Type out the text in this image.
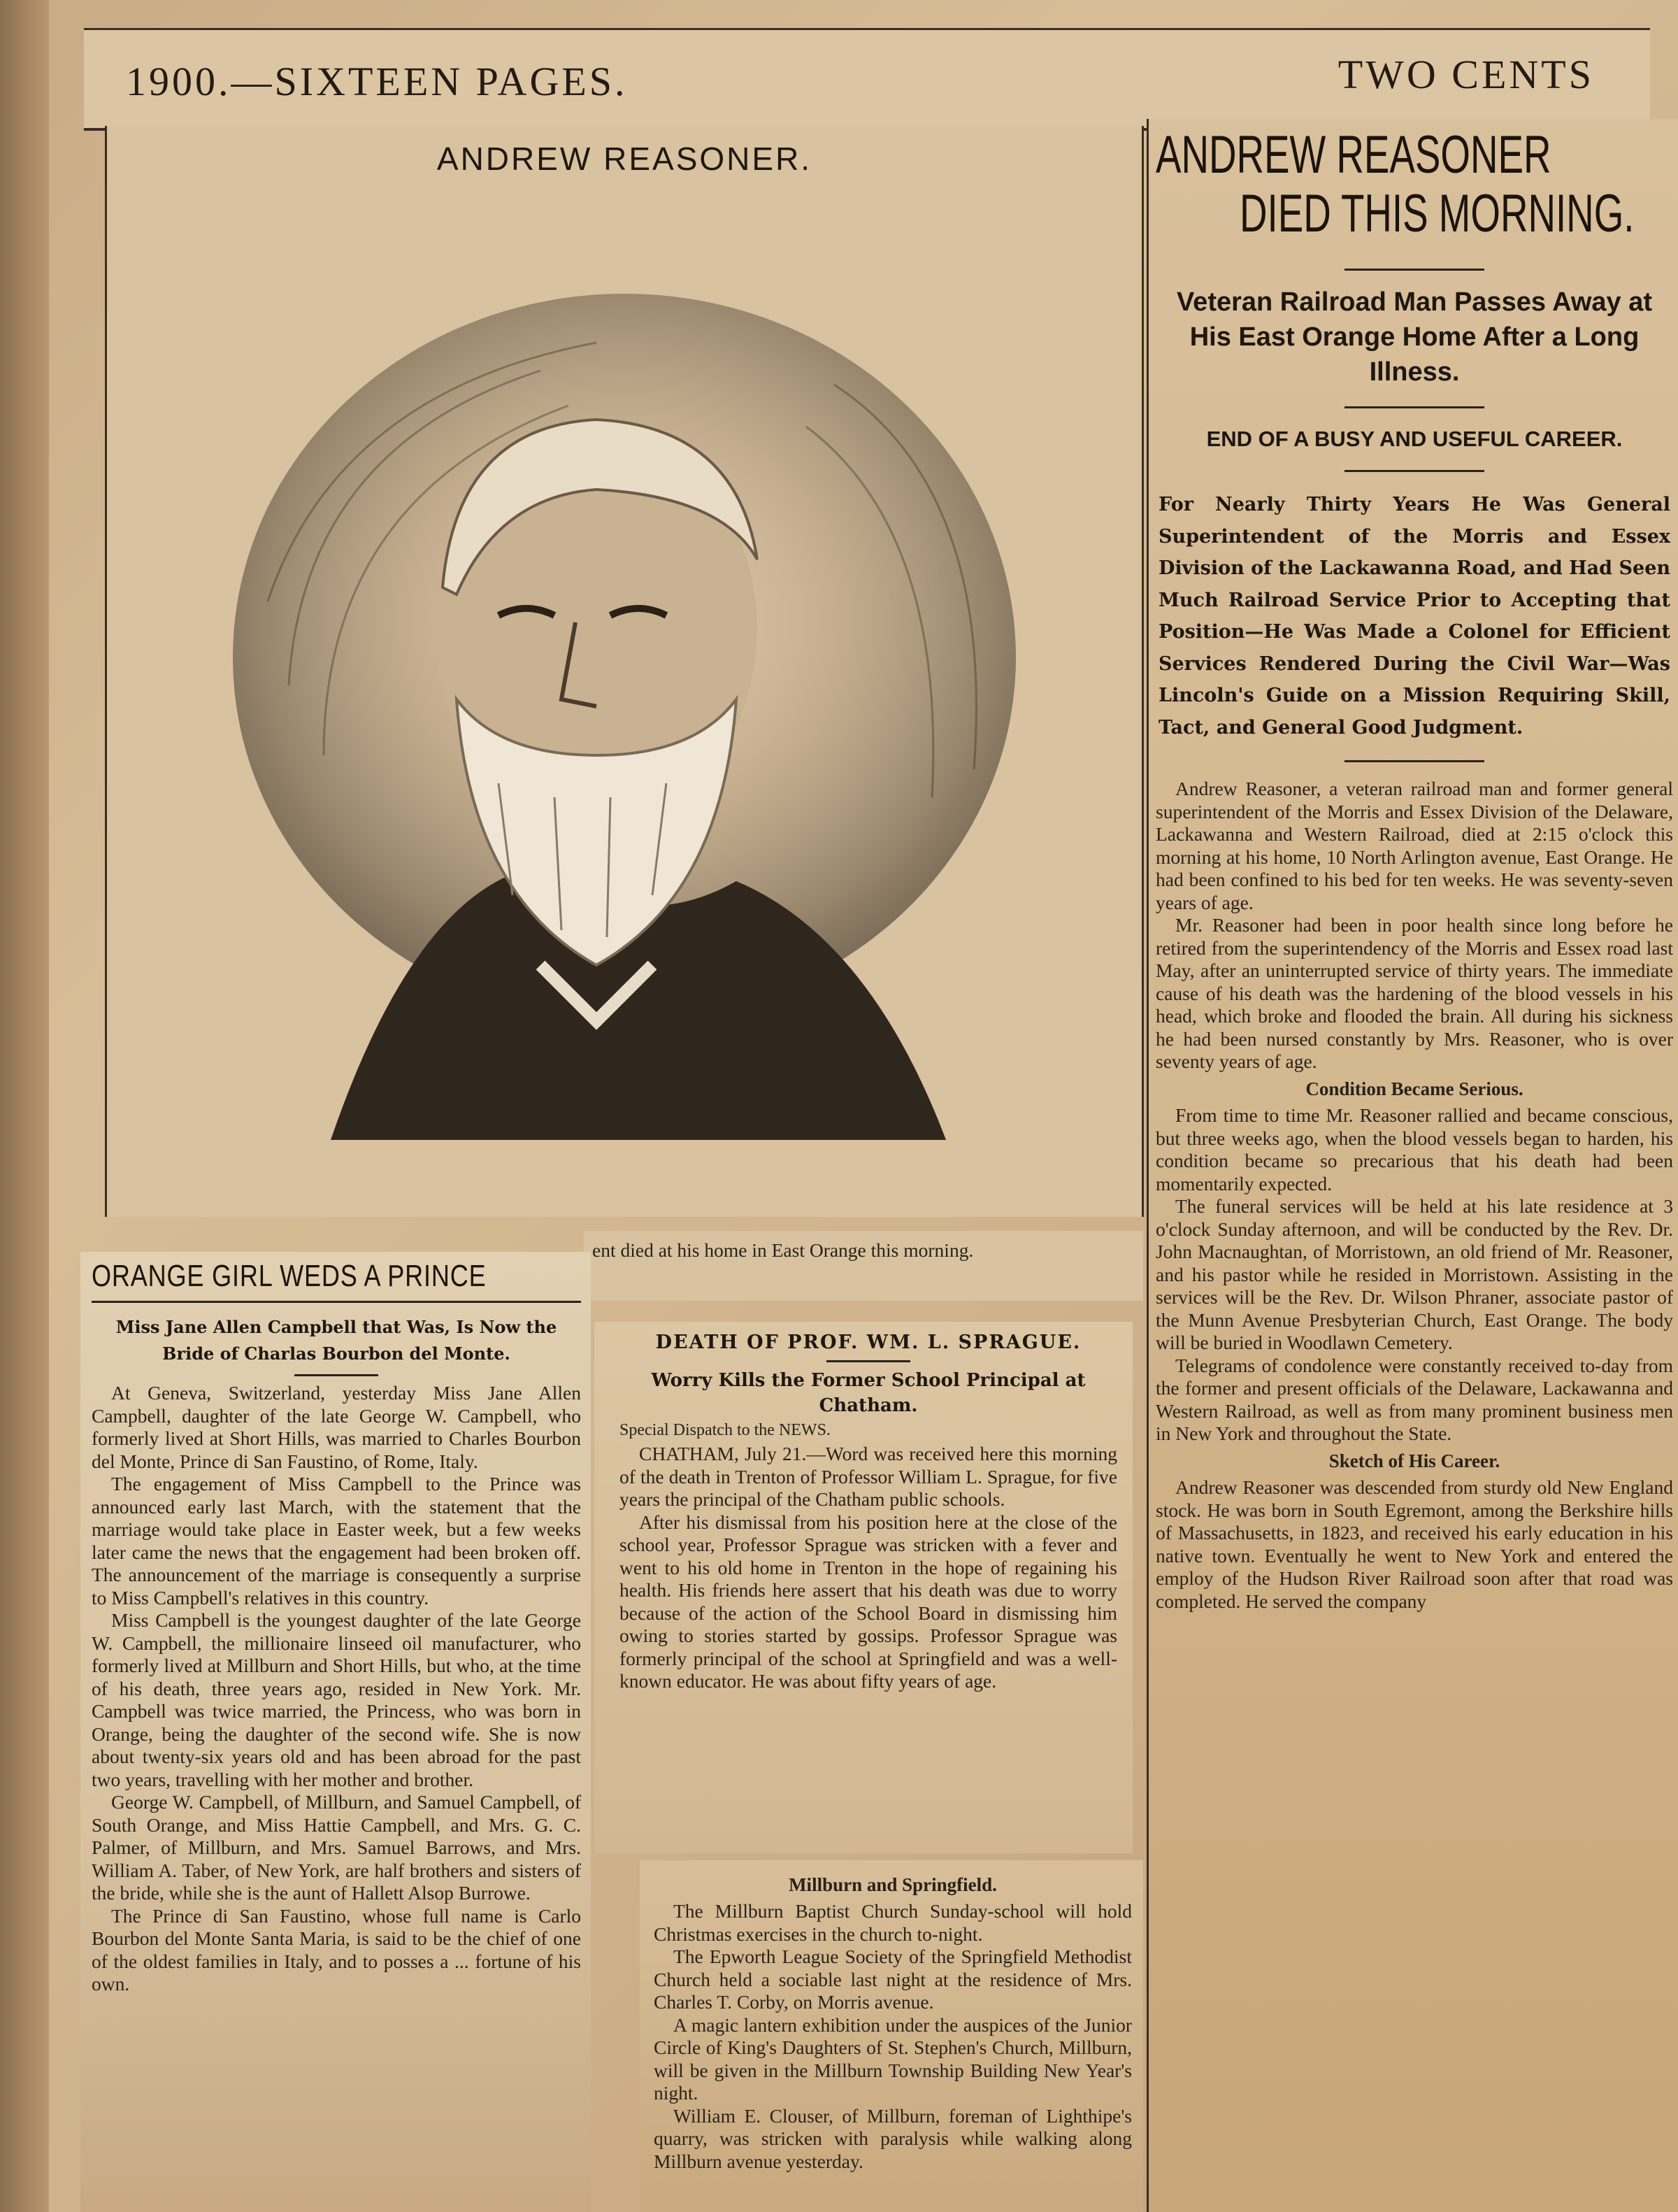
1900.—SIXTEEN PAGES.	TWO CENTS
ANDREW REASONER.

ent died at his home in East Orange this morning.

ANDREW REASONER
DIED THIS MORNING.
Veteran Railroad Man Passes Away at His East Orange Home After a Long Illness.
END OF A BUSY AND USEFUL CAREER.
For Nearly Thirty Years He Was General Superintendent of the Morris and Essex Division of the Lackawanna Road, and Had Seen Much Railroad Service Prior to Accepting that Position—He Was Made a Colonel for Efficient Services Rendered During the Civil War—Was Lincoln's Guide on a Mission Requiring Skill, Tact, and General Good Judgment.

Andrew Reasoner, a veteran railroad man and former general superintendent of the Morris and Essex Division of the Delaware, Lackawanna and Western Railroad, died at 2:15 o'clock this morning at his home, 10 North Arlington avenue, East Orange. He had been confined to his bed for ten weeks. He was seventy-seven years of age.

Mr. Reasoner had been in poor health since long before he retired from the superintendency of the Morris and Essex road last May, after an uninterrupted service of thirty years. The immediate cause of his death was the hardening of the blood vessels in his head, which broke and flooded the brain. All during his sickness he had been nursed constantly by Mrs. Reasoner, who is over seventy years of age.

Condition Became Serious.

From time to time Mr. Reasoner rallied and became conscious, but three weeks ago, when the blood vessels began to harden, his condition became so precarious that his death had been momentarily expected.

The funeral services will be held at his late residence at 3 o'clock Sunday afternoon, and will be conducted by the Rev. Dr. John Macnaughtan, of Morristown, an old friend of Mr. Reasoner, and his pastor while he resided in Morristown. Assisting in the services will be the Rev. Dr. Wilson Phraner, associate pastor of the Munn Avenue Presbyterian Church, East Orange. The body will be buried in Woodlawn Cemetery.

Telegrams of condolence were constantly received to-day from the former and present officials of the Delaware, Lackawanna and Western Railroad, as well as from many prominent business men in New York and throughout the State.

Sketch of His Career.

Andrew Reasoner was descended from sturdy old New England stock. He was born in South Egremont, among the Berkshire hills of Massachusetts, in 1823, and received his early education in his native town. Eventually he went to New York and entered the employ of the Hudson River Railroad soon after that road was completed. He served the company

ORANGE GIRL WEDS A PRINCE
Miss Jane Allen Campbell that Was, Is Now the Bride of Charlas Bourbon del Monte.

At Geneva, Switzerland, yesterday Miss Jane Allen Campbell, daughter of the late George W. Campbell, who formerly lived at Short Hills, was married to Charles Bourbon del Monte, Prince di San Faustino, of Rome, Italy.

The engagement of Miss Campbell to the Prince was announced early last March, with the statement that the marriage would take place in Easter week, but a few weeks later came the news that the engagement had been broken off. The announcement of the marriage is consequently a surprise to Miss Campbell's relatives in this country.

Miss Campbell is the youngest daughter of the late George W. Campbell, the millionaire linseed oil manufacturer, who formerly lived at Millburn and Short Hills, but who, at the time of his death, three years ago, resided in New York. Mr. Campbell was twice married, the Princess, who was born in Orange, being the daughter of the second wife. She is now about twenty-six years old and has been abroad for the past two years, travelling with her mother and brother.

George W. Campbell, of Millburn, and Samuel Campbell, of South Orange, and Miss Hattie Campbell, and Mrs. G. C. Palmer, of Millburn, and Mrs. Samuel Barrows, and Mrs. William A. Taber, of New York, are half brothers and sisters of the bride, while she is the aunt of Hallett Alsop Burrowe.

The Prince di San Faustino, whose full name is Carlo Bourbon del Monte Santa Maria, is said to be the chief of one of the oldest families in Italy, and to posses a ... fortune of his own.

DEATH OF PROF. WM. L. SPRAGUE.
Worry Kills the Former School Principal at Chatham.
Special Dispatch to the NEWS.

CHATHAM, July 21.—Word was received here this morning of the death in Trenton of Professor William L. Sprague, for five years the principal of the Chatham public schools.

After his dismissal from his position here at the close of the school year, Professor Sprague was stricken with a fever and went to his old home in Trenton in the hope of regaining his health. His friends here assert that his death was due to worry because of the action of the School Board in dismissing him owing to stories started by gossips. Professor Sprague was formerly principal of the school at Springfield and was a well-known educator. He was about fifty years of age.

Millburn and Springfield.

The Millburn Baptist Church Sunday-school will hold Christmas exercises in the church to-night.

The Epworth League Society of the Springfield Methodist Church held a sociable last night at the residence of Mrs. Charles T. Corby, on Morris avenue.

A magic lantern exhibition under the auspices of the Junior Circle of King's Daughters of St. Stephen's Church, Millburn, will be given in the Millburn Township Building New Year's night.

William E. Clouser, of Millburn, foreman of Lighthipe's quarry, was stricken with paralysis while walking along Millburn avenue yesterday.
